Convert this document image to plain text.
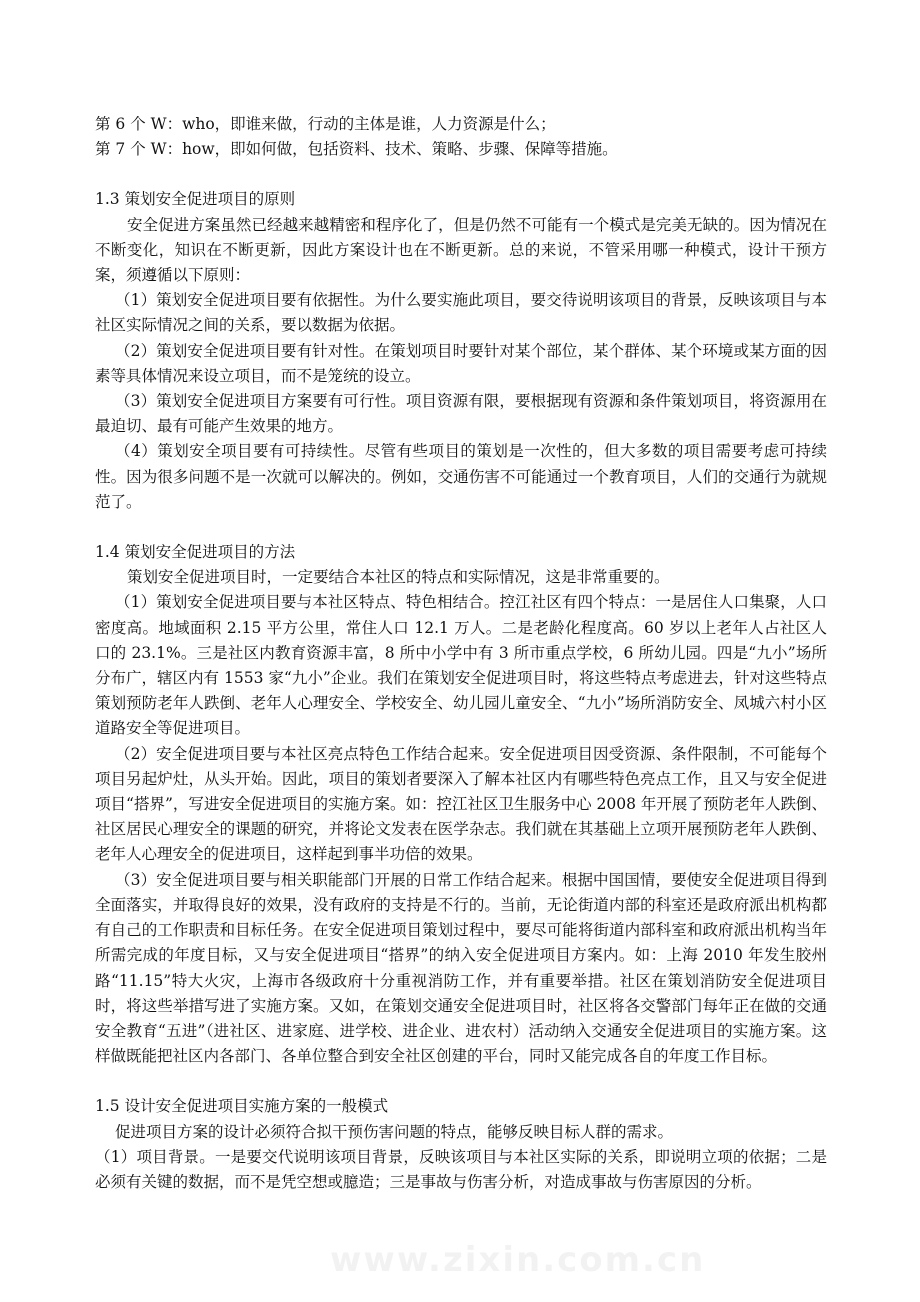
第 6 个 W：who，即谁来做，行动的主体是谁，人力资源是什么；

第 7 个 W：how，即如何做，包括资料、技术、策略、步骤、保障等措施。

1.3 策划安全促进项目的原则

安全促进方案虽然已经越来越精密和程序化了，但是仍然不可能有一个模式是完美无缺的。因为情况在不断变化，知识在不断更新，因此方案设计也在不断更新。总的来说，不管采用哪一种模式，设计干预方案，须遵循以下原则：

（1）策划安全促进项目要有依据性。为什么要实施此项目，要交待说明该项目的背景，反映该项目与本社区实际情况之间的关系，要以数据为依据。

（2）策划安全促进项目要有针对性。在策划项目时要针对某个部位，某个群体、某个环境或某方面的因素等具体情况来设立项目，而不是笼统的设立。

（3）策划安全促进项目方案要有可行性。项目资源有限，要根据现有资源和条件策划项目，将资源用在最迫切、最有可能产生效果的地方。

（4）策划安全项目要有可持续性。尽管有些项目的策划是一次性的，但大多数的项目需要考虑可持续性。因为很多问题不是一次就可以解决的。例如，交通伤害不可能通过一个教育项目，人们的交通行为就规范了。

1.4 策划安全促进项目的方法

策划安全促进项目时，一定要结合本社区的特点和实际情况，这是非常重要的。

（1）策划安全促进项目要与本社区特点、特色相结合。控江社区有四个特点：一是居住人口集聚，人口密度高。地域面积 2.15 平方公里，常住人口 12.1 万人。二是老龄化程度高。60 岁以上老年人占社区人口的 23.1%。三是社区内教育资源丰富，8 所中小学中有 3 所市重点学校，6 所幼儿园。四是“九小”场所分布广，辖区内有 1553 家“九小”企业。我们在策划安全促进项目时，将这些特点考虑进去，针对这些特点策划预防老年人跌倒、老年人心理安全、学校安全、幼儿园儿童安全、“九小”场所消防安全、凤城六村小区道路安全等促进项目。

（2）安全促进项目要与本社区亮点特色工作结合起来。安全促进项目因受资源、条件限制，不可能每个项目另起炉灶，从头开始。因此，项目的策划者要深入了解本社区内有哪些特色亮点工作，且又与安全促进项目“搭界”，写进安全促进项目的实施方案。如：控江社区卫生服务中心 2008 年开展了预防老年人跌倒、社区居民心理安全的课题的研究，并将论文发表在医学杂志。我们就在其基础上立项开展预防老年人跌倒、老年人心理安全的促进项目，这样起到事半功倍的效果。

（3）安全促进项目要与相关职能部门开展的日常工作结合起来。根据中国国情，要使安全促进项目得到全面落实，并取得良好的效果，没有政府的支持是不行的。当前，无论街道内部的科室还是政府派出机构都有自己的工作职责和目标任务。在安全促进项目策划过程中，要尽可能将街道内部科室和政府派出机构当年所需完成的年度目标，又与安全促进项目“搭界”的纳入安全促进项目方案内。如：上海 2010 年发生胶州路“11.15”特大火灾，上海市各级政府十分重视消防工作，并有重要举措。社区在策划消防安全促进项目时，将这些举措写进了实施方案。又如，在策划交通安全促进项目时，社区将各交警部门每年正在做的交通安全教育“五进”（进社区、进家庭、进学校、进企业、进农村）活动纳入交通安全促进项目的实施方案。这样做既能把社区内各部门、各单位整合到安全社区创建的平台，同时又能完成各自的年度工作目标。

1.5 设计安全促进项目实施方案的一般模式

促进项目方案的设计必须符合拟干预伤害问题的特点，能够反映目标人群的需求。

（1）项目背景。一是要交代说明该项目背景，反映该项目与本社区实际的关系，即说明立项的依据；二是必须有关键的数据，而不是凭空想或臆造；三是事故与伤害分析，对造成事故与伤害原因的分析。

www.zixin.com.cn
